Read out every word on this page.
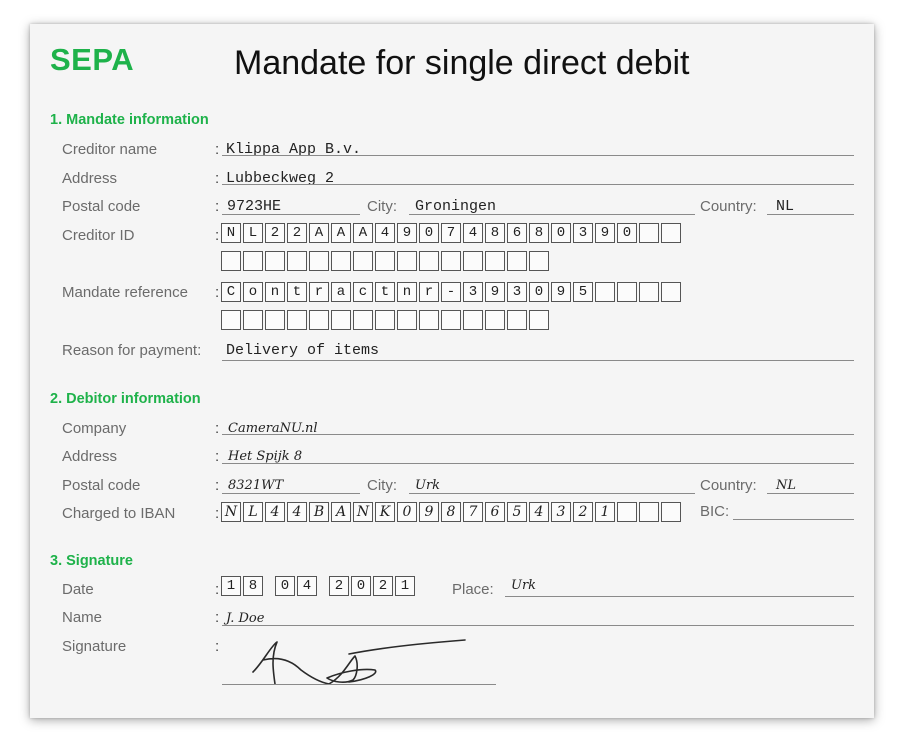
SEPA	Mandate for single direct debit
1. Mandate information
Creditor name	: Klippa App B.v.
Address	: Lubbeckweg 2
Postal code	: 9723HE	City: Groningen	Country: NL
Creditor ID	: N L 2 2 A A A 4 9 0 7 4 8 6 8 0 3 9 0
Mandate reference : C o n t r a c t n r - 3 9 3 0 9 5
Reason for payment: Delivery of items
2. Debitor information
Company	: CameraNU.nl
Address	: Het Spijk 8
Postal code	: 8321WT	City: Urk	Country: NL
Charged to IBAN	: N L 4 4 B A N K 0 9 8 7 6 5 4 3 2 1	BIC:
3. Signature
Date	: 1 8	0 4	2 0 2 1	Place: Urk
Name	: J. Doe
Signature	:
